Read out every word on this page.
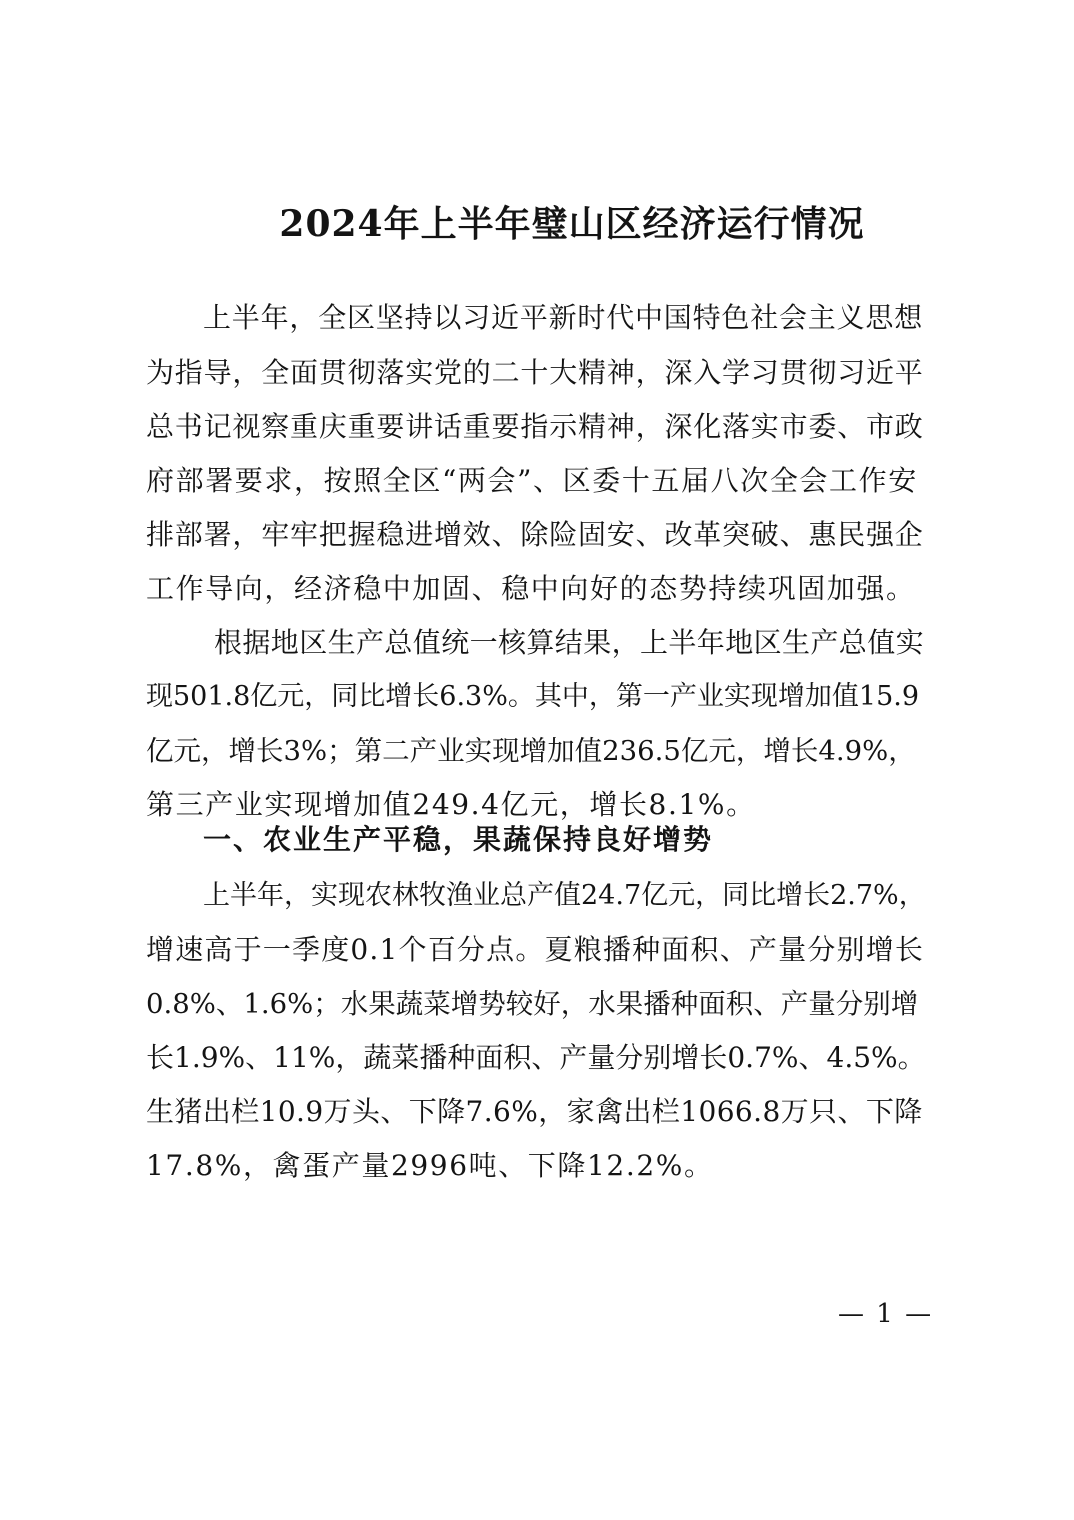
2024年上半年璧山区经济运行情况
上半年，全区坚持以习近平新时代中国特色社会主义思想
为指导，全面贯彻落实党的二十大精神，深入学习贯彻习近平
总书记视察重庆重要讲话重要指示精神，深化落实市委、市政
府部署要求，按照全区“两会”、区委十五届八次全会工作安
排部署，牢牢把握稳进增效、除险固安、改革突破、惠民强企
工作导向，经济稳中加固、稳中向好的态势持续巩固加强。
根据地区生产总值统一核算结果，上半年地区生产总值实
现501.8亿元，同比增长6.3%。其中，第一产业实现增加值15.9
亿元，增长3%；第二产业实现增加值236.5亿元，增长4.9%，
第三产业实现增加值249.4亿元，增长8.1%。
一、农业生产平稳，果蔬保持良好增势
上半年，实现农林牧渔业总产值24.7亿元，同比增长2.7%，
增速高于一季度0.1个百分点。夏粮播种面积、产量分别增长
0.8%、1.6%；水果蔬菜增势较好，水果播种面积、产量分别增
长1.9%、11%，蔬菜播种面积、产量分别增长0.7%、4.5%。
生猪出栏10.9万头、下降7.6%，家禽出栏1066.8万只、下降
17.8%，禽蛋产量2996吨、下降12.2%。
— 1 —
